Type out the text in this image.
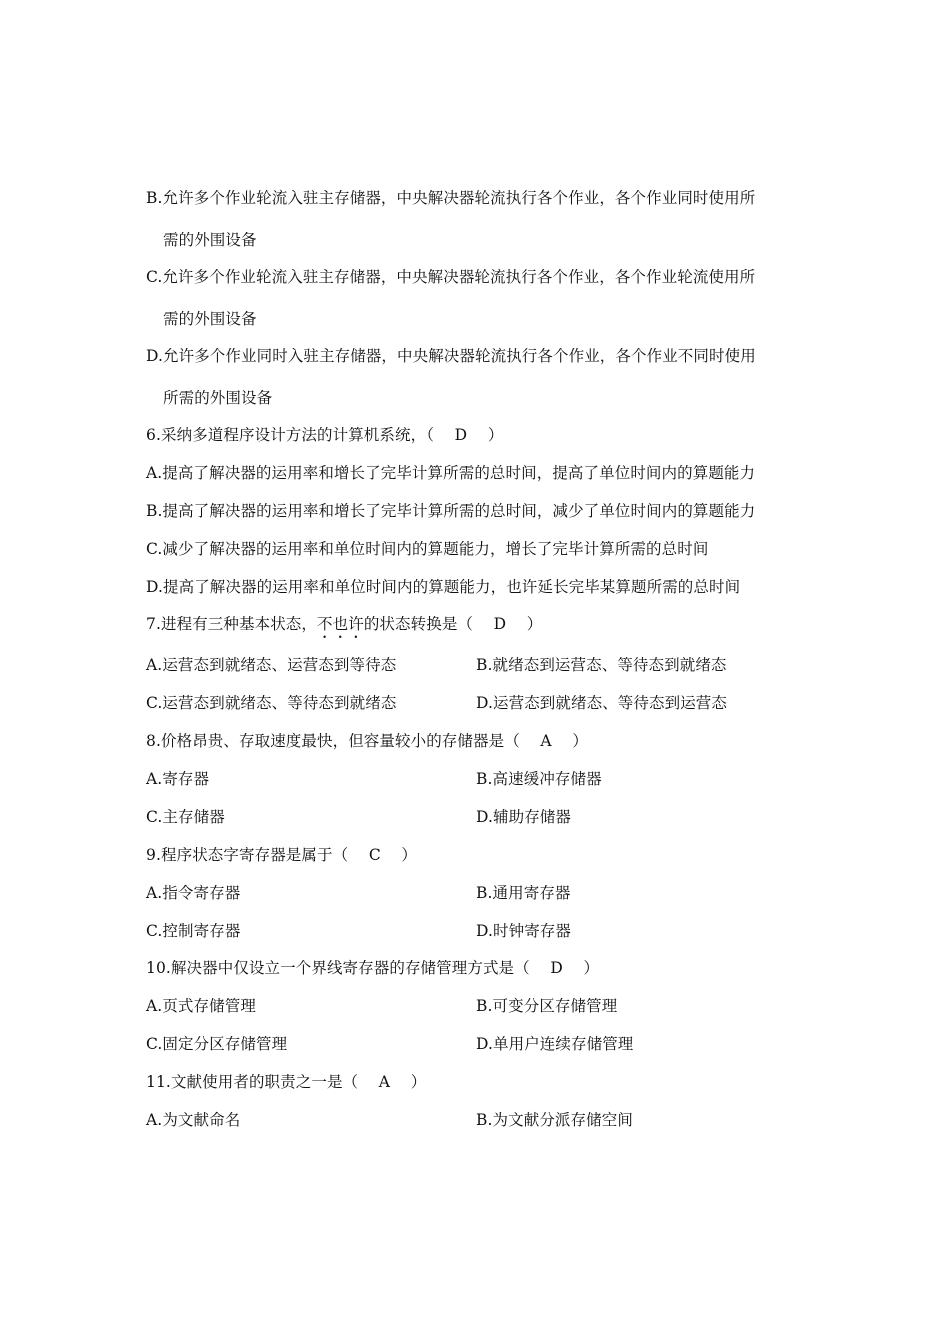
B.允许多个作业轮流入驻主存储器，中央解决器轮流执行各个作业，各个作业同时使用所
需的外围设备
C.允许多个作业轮流入驻主存储器，中央解决器轮流执行各个作业，各个作业轮流使用所
需的外围设备
D.允许多个作业同时入驻主存储器，中央解决器轮流执行各个作业，各个作业不同时使用
所需的外围设备
6.采纳多道程序设计方法的计算机系统，（　 D　 ）
A.提高了解决器的运用率和增长了完毕计算所需的总时间，提高了单位时间内的算题能力
B.提高了解决器的运用率和增长了完毕计算所需的总时间，减少了单位时间内的算题能力
C.减少了解决器的运用率和单位时间内的算题能力，增长了完毕计算所需的总时间
D.提高了解决器的运用率和单位时间内的算题能力，也许延长完毕某算题所需的总时间
7.进程有三种基本状态，不也许的状态转换是（　 D　 ）
A.运营态到就绪态、运营态到等待态	B.就绪态到运营态、等待态到就绪态
C.运营态到就绪态、等待态到就绪态	D.运营态到就绪态、等待态到运营态
8.价格昂贵、存取速度最快，但容量较小的存储器是（　 A　 ）
A.寄存器	B.高速缓冲存储器
C.主存储器	D.辅助存储器
9.程序状态字寄存器是属于（　 C　 ）
A.指令寄存器	B.通用寄存器
C.控制寄存器	D.时钟寄存器
10.解决器中仅设立一个界线寄存器的存储管理方式是（　 D　 ）
A.页式存储管理	B.可变分区存储管理
C.固定分区存储管理	D.单用户连续存储管理
11.文献使用者的职责之一是（　 A　 ）
A.为文献命名	B.为文献分派存储空间
